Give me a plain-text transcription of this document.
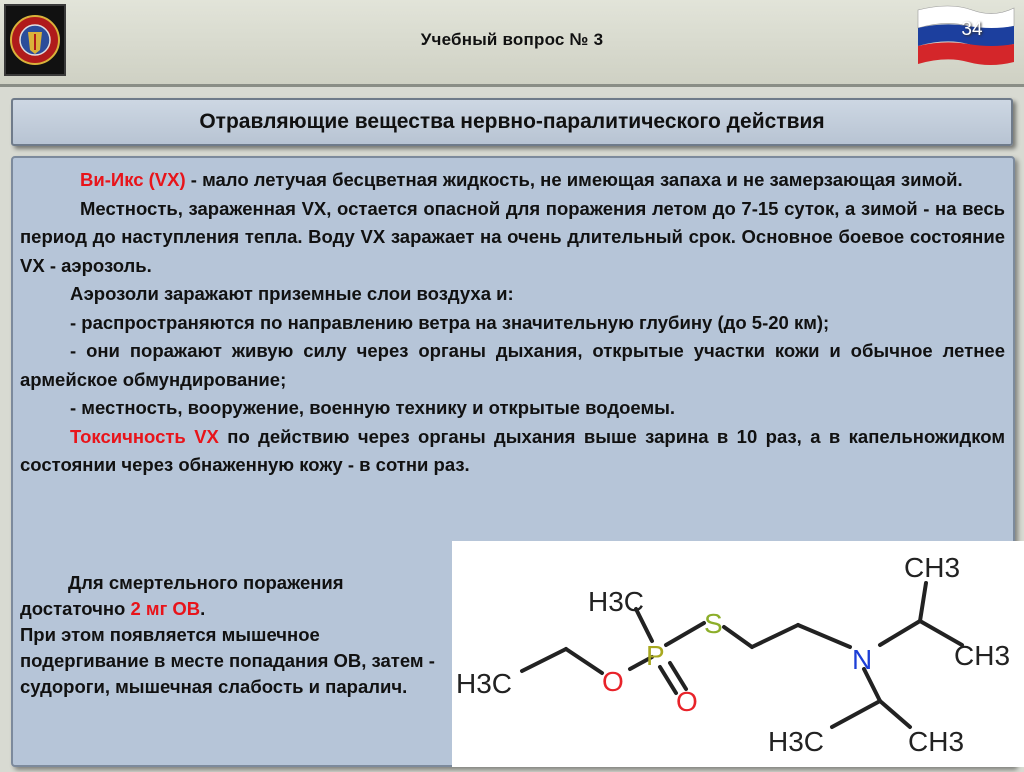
Учебный вопрос № 3	34
Отравляющие вещества нервно-паралитического действия

Ви-Икс (VX) - мало летучая бесцветная жидкость, не имеющая запаха и не замерзающая зимой.

Местность, зараженная VX, остается опасной для поражения летом до 7-15 суток, а зимой - на весь период до наступления тепла. Воду VX заражает на очень длительный срок. Основное боевое состояние VX - аэрозоль.

Аэрозоли заражают приземные слои воздуха и:

- распространяются по направлению ветра на значительную глубину (до 5-20 км);

- они поражают живую силу через органы дыхания, открытые участки кожи и обычное летнее армейское обмундирование;

- местность, вооружение, военную технику и открытые водоемы.

Токсичность VX по действию через органы дыхания выше зарина в 10 раз, а в капельножидком состоянии через обнаженную кожу - в сотни раз.

Для смертельного поражения

достаточно 2 мг ОВ.

При этом появляется мышечное подергивание в месте попадания ОВ, затем - судороги, мышечная слабость и паралич.	H3C	O
P
O
H3C
S
N
CH3
CH3
H3C	CH3
